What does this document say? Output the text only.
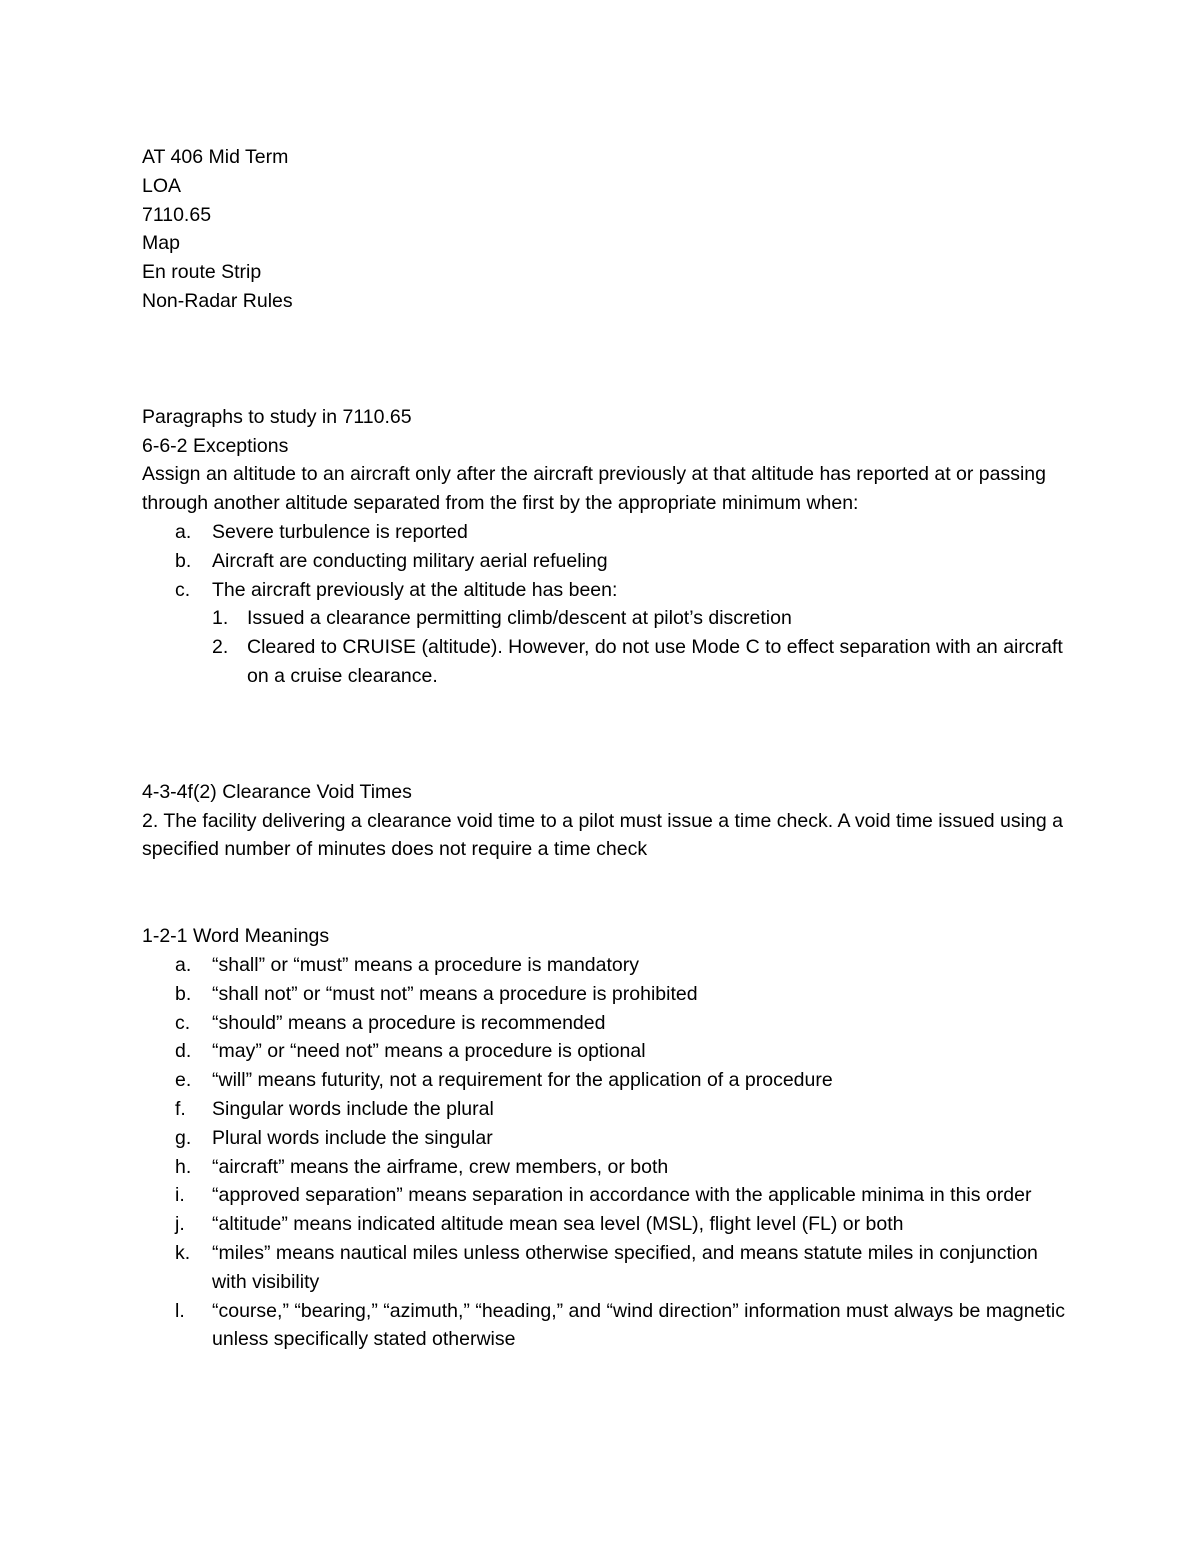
AT 406 Mid Term
LOA
7110.65
Map
En route Strip
Non-Radar Rules
Paragraphs to study in 7110.65
6-6-2 Exceptions
Assign an altitude to an aircraft only after the aircraft previously at that altitude has reported at or passing through another altitude separated from the first by the appropriate minimum when:
a. Severe turbulence is reported
b. Aircraft are conducting military aerial refueling
c. The aircraft previously at the altitude has been:
1. Issued a clearance permitting climb/descent at pilot’s discretion
2. Cleared to CRUISE (altitude). However, do not use Mode C to effect separation with an aircraft on a cruise clearance.
4-3-4f(2) Clearance Void Times
2. The facility delivering a clearance void time to a pilot must issue a time check. A void time issued using a specified number of minutes does not require a time check
1-2-1 Word Meanings
a. “shall” or “must” means a procedure is mandatory
b. “shall not” or “must not” means a procedure is prohibited
c. “should” means a procedure is recommended
d. “may” or “need not” means a procedure is optional
e. “will” means futurity, not a requirement for the application of a procedure
f. Singular words include the plural
g. Plural words include the singular
h. “aircraft” means the airframe, crew members, or both
i. “approved separation” means separation in accordance with the applicable minima in this order
j. “altitude” means indicated altitude mean sea level (MSL), flight level (FL) or both
k. “miles” means nautical miles unless otherwise specified, and means statute miles in conjunction with visibility
l. “course,” “bearing,” “azimuth,” “heading,” and “wind direction” information must always be magnetic unless specifically stated otherwise
